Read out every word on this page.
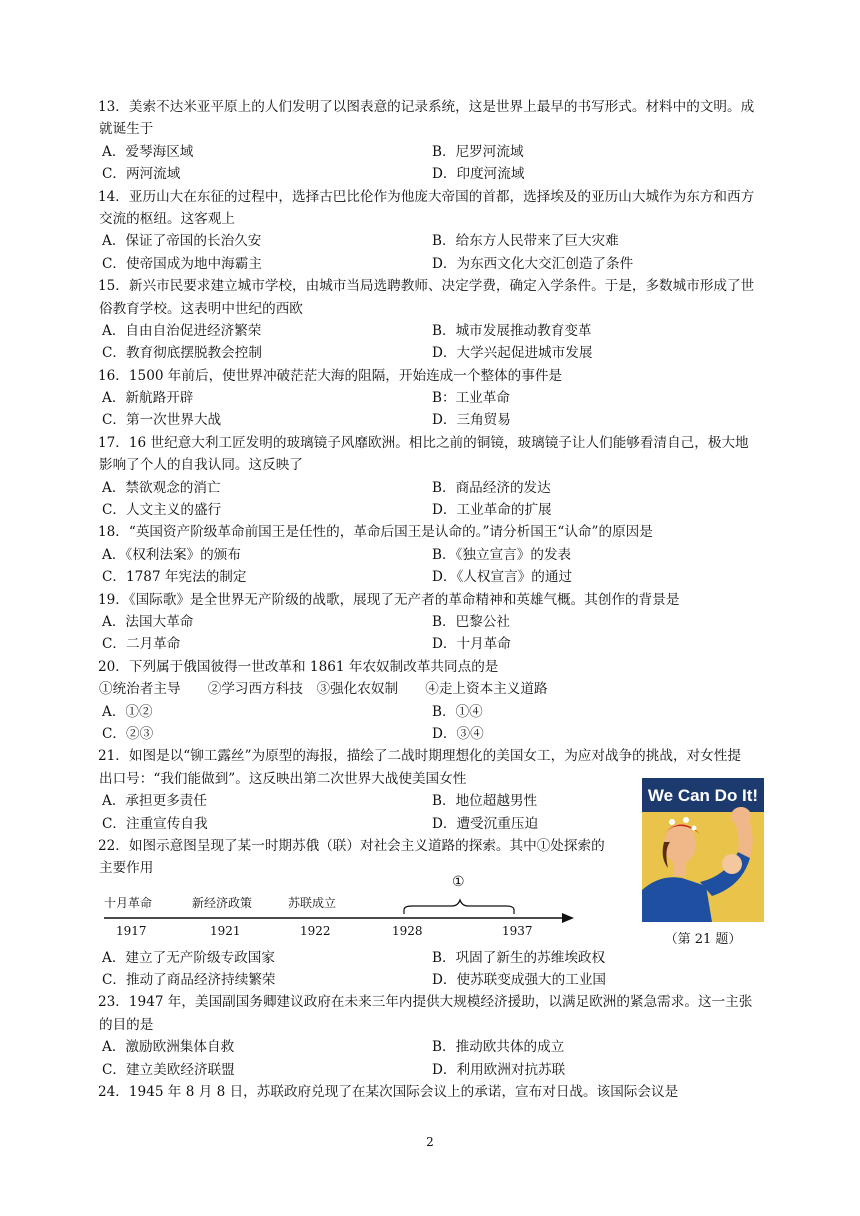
13．美索不达米亚平原上的人们发明了以图表意的记录系统，这是世界上最早的书写形式。材料中的文明。成
就诞生于
A．爱琴海区域	B．尼罗河流域
C．两河流域	D．印度河流域
14．亚历山大在东征的过程中，选择古巴比伦作为他庞大帝国的首都，选择埃及的亚历山大城作为东方和西方
交流的枢纽。这客观上
A．保证了帝国的长治久安	B．给东方人民带来了巨大灾难
C．使帝国成为地中海霸主	D．为东西文化大交汇创造了条件
15．新兴市民要求建立城市学校，由城市当局选聘教师、决定学费，确定入学条件。于是，多数城市形成了世
俗教育学校。这表明中世纪的西欧
A．自由自治促进经济繁荣	B．城市发展推动教育变革
C．教育彻底摆脱教会控制	D．大学兴起促进城市发展
16．1500 年前后，使世界冲破茫茫大海的阻隔，开始连成一个整体的事件是
A．新航路开辟	B：工业革命
C．第一次世界大战	D．三角贸易
17．16 世纪意大利工匠发明的玻璃镜子风靡欧洲。相比之前的铜镜，玻璃镜子让人们能够看清自己，极大地
影响了个人的自我认同。这反映了
A．禁欲观念的消亡	B．商品经济的发达
C．人文主义的盛行	D．工业革命的扩展
18．“英国资产阶级革命前国王是任性的，革命后国王是认命的。”请分析国王“认命”的原因是
A．《权利法案》的颁布	B．《独立宣言》的发表
C．1787 年宪法的制定	D．《人权宣言》的通过
19．《国际歌》是全世界无产阶级的战歌，展现了无产者的革命精神和英雄气概。其创作的背景是
A．法国大革命	B．巴黎公社
C．二月革命	D．十月革命
20．下列属于俄国彼得一世改革和 1861 年农奴制改革共同点的是
①统治者主导　　②学习西方科技　③强化农奴制　　④走上资本主义道路
A．①②	B．①④
C．②③	D．③④
21．如图是以“铆工露丝”为原型的海报，描绘了二战时期理想化的美国女工，为应对战争的挑战，对女性提
出口号：“我们能做到”。这反映出第二次世界大战使美国女性
A．承担更多责任	B．地位超越男性
C．注重宣传自我	D．遭受沉重压迫
22．如图示意图呈现了某一时期苏俄（联）对社会主义道路的探索。其中①处探索的
主要作用
A．建立了无产阶级专政国家	B．巩固了新生的苏维埃政权
C．推动了商品经济持续繁荣	D．使苏联变成强大的工业国
23．1947 年，美国副国务卿建议政府在未来三年内提供大规模经济援助，以满足欧洲的紧急需求。这一主张
的目的是
A．激励欧洲集体自救	B．推动欧共体的成立
C．建立美欧经济联盟	D．利用欧洲对抗苏联
24．1945 年 8 月 8 日，苏联政府兑现了在某次国际会议上的承诺，宣布对日战。该国际会议是
We Can Do It!
（第 21 题）
十月革命	新经济政策	苏联成立
①
1917	1921	1922	1928	1937
2
